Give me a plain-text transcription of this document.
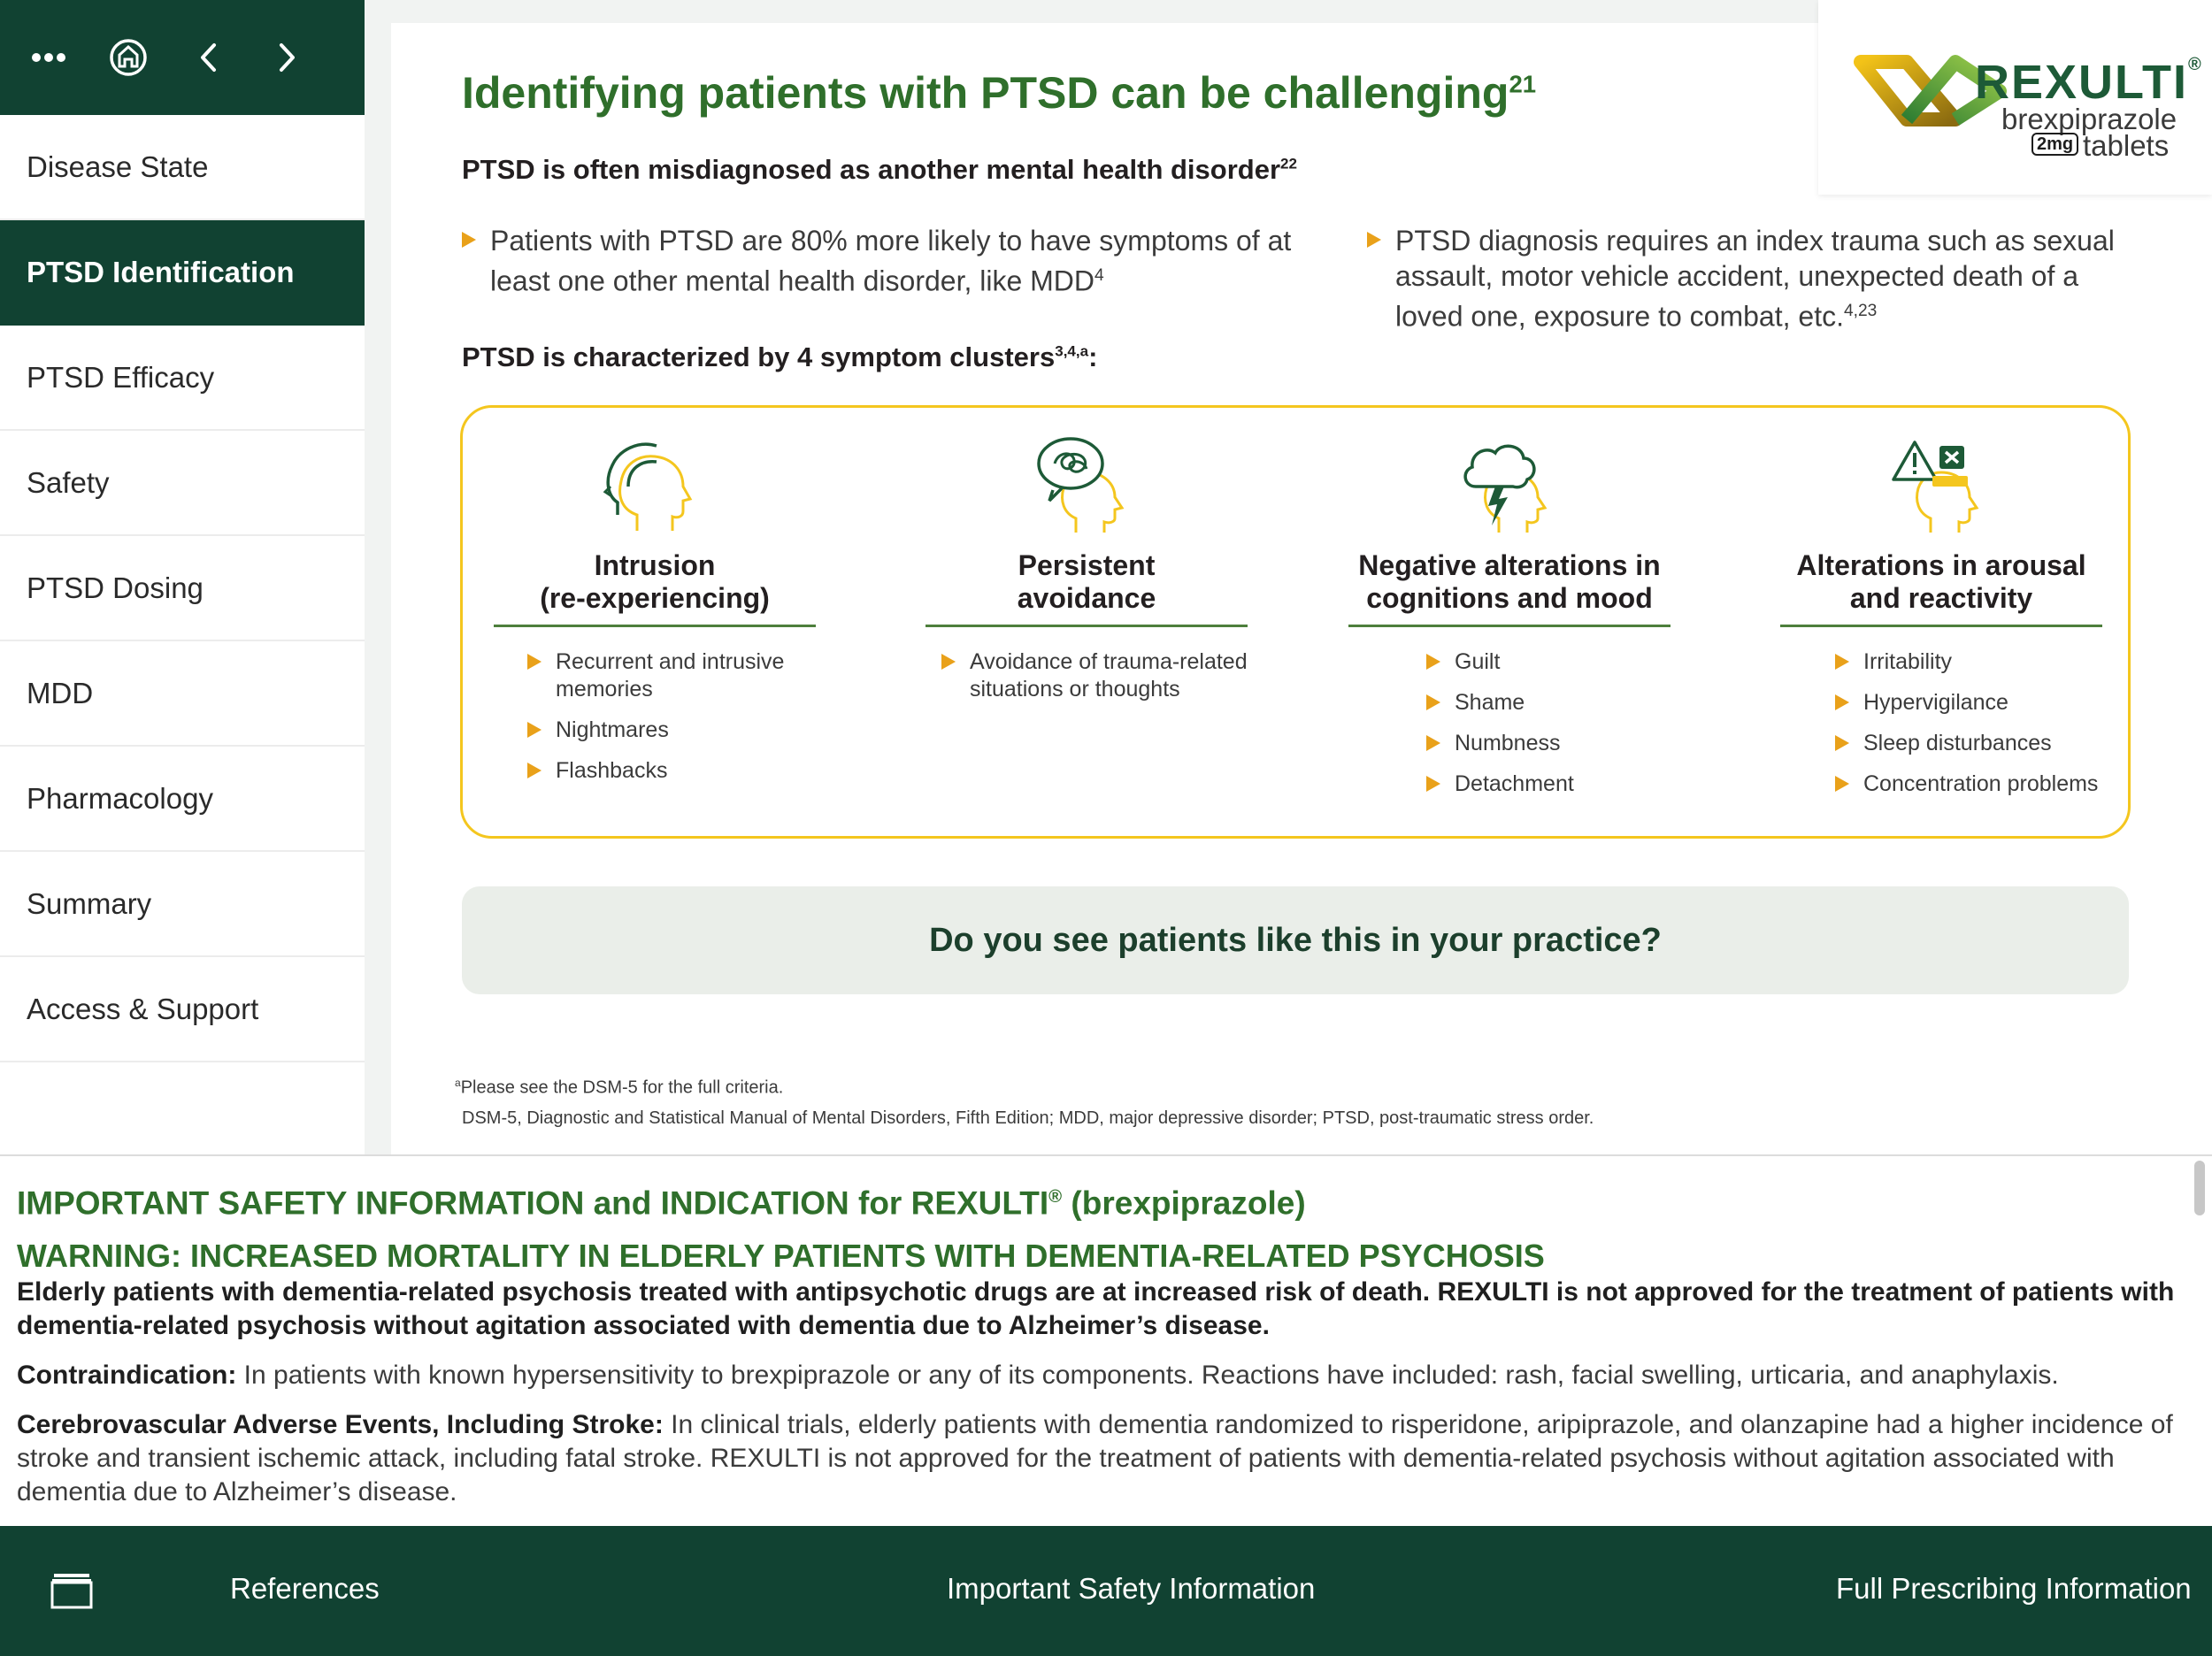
Disease State
PTSD Identification
PTSD Efficacy
Safety
PTSD Dosing
MDD
Pharmacology
Summary
Access & Support
REXULTI®
brexpiprazole
2mg tablets
Identifying patients with PTSD can be challenging$^{21}$
PTSD is often misdiagnosed as another mental health disorder$^{22}$
Patients with PTSD are 80% more likely to have symptoms of at least one other mental health disorder, like MDD$^4$
PTSD diagnosis requires an index trauma such as sexual assault, motor vehicle accident, unexpected death of a loved one, exposure to combat, etc.$^{4,23}$
PTSD is characterized by 4 symptom clusters$^{3,4,a}$:
Intrusion
(re-experiencing)
Recurrent and intrusive memories
Nightmares
Flashbacks
Persistent
avoidance
Avoidance of trauma-related situations or thoughts
Negative alterations in
cognitions and mood
Guilt
Shame
Numbness
Detachment
Alterations in arousal
and reactivity
Irritability
Hypervigilance
Sleep disturbances
Concentration problems
Do you see patients like this in your practice?
$^a$Please see the DSM-5 for the full criteria.
DSM-5, Diagnostic and Statistical Manual of Mental Disorders, Fifth Edition; MDD, major depressive disorder; PTSD, post-traumatic stress order.
IMPORTANT SAFETY INFORMATION and INDICATION for REXULTI® (brexpiprazole)
WARNING: INCREASED MORTALITY IN ELDERLY PATIENTS WITH DEMENTIA-RELATED PSYCHOSIS
Elderly patients with dementia-related psychosis treated with antipsychotic drugs are at increased risk of death. REXULTI is not approved for the treatment of patients with dementia-related psychosis without agitation associated with dementia due to Alzheimer’s disease.
Contraindication: In patients with known hypersensitivity to brexpiprazole or any of its components. Reactions have included: rash, facial swelling, urticaria, and anaphylaxis.
Cerebrovascular Adverse Events, Including Stroke: In clinical trials, elderly patients with dementia randomized to risperidone, aripiprazole, and olanzapine had a higher incidence of stroke and transient ischemic attack, including fatal stroke. REXULTI is not approved for the treatment of patients with dementia-related psychosis without agitation associated with dementia due to Alzheimer’s disease.
References	Important Safety Information	Full Prescribing Information
